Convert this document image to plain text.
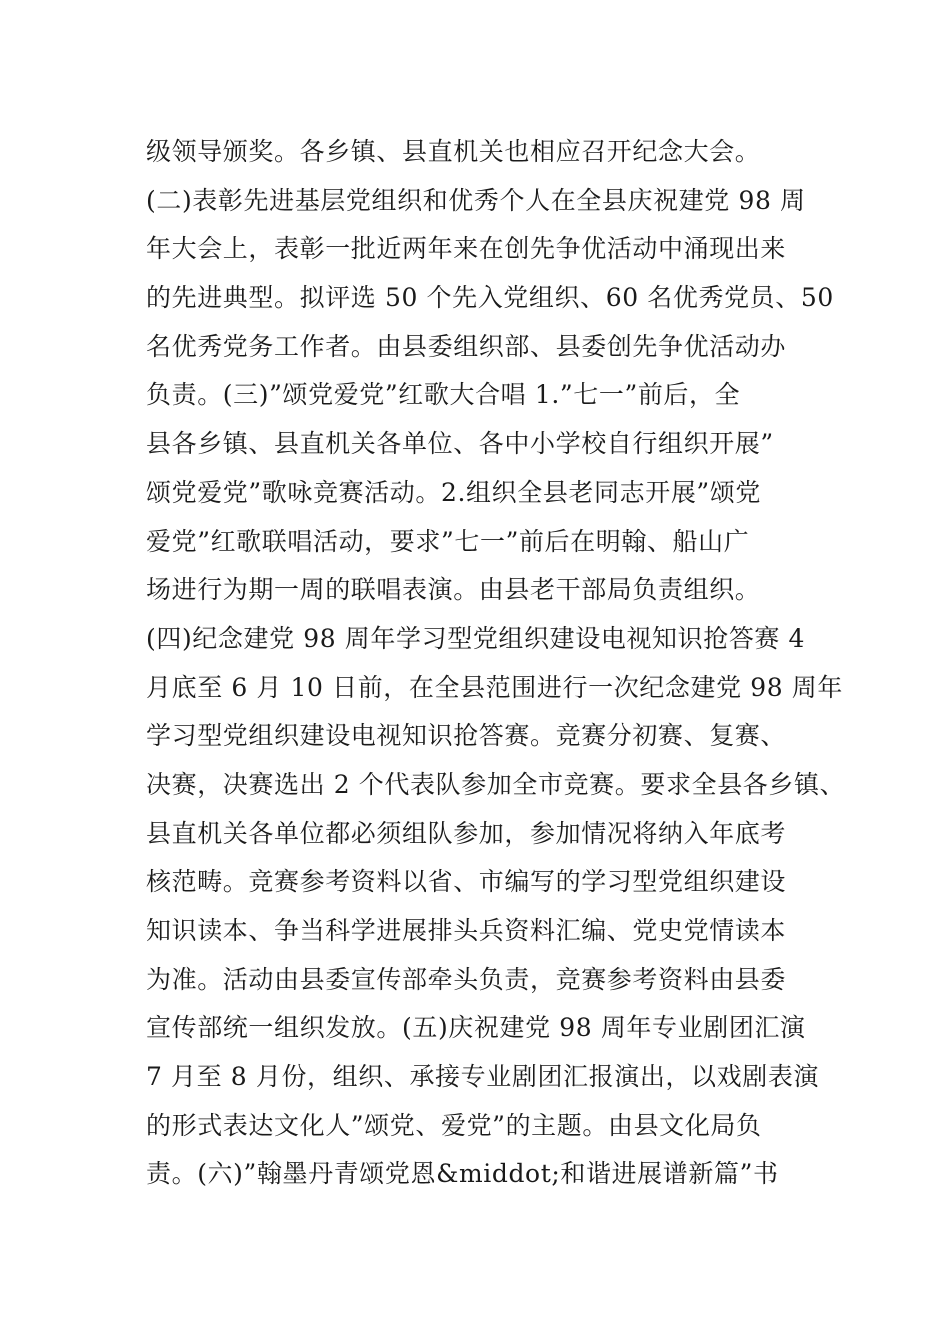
级领导颁奖。各乡镇、县直机关也相应召开纪念大会。
(二)表彰先进基层党组织和优秀个人在全县庆祝建党 98 周
年大会上，表彰一批近两年来在创先争优活动中涌现出来
的先进典型。拟评选 50 个先入党组织、60 名优秀党员、50
名优秀党务工作者。由县委组织部、县委创先争优活动办
负责。(三)”颂党爱党”红歌大合唱 1.”七一”前后，全
县各乡镇、县直机关各单位、各中小学校自行组织开展”
颂党爱党”歌咏竞赛活动。2.组织全县老同志开展”颂党
爱党”红歌联唱活动，要求”七一”前后在明翰、船山广
场进行为期一周的联唱表演。由县老干部局负责组织。
(四)纪念建党 98 周年学习型党组织建设电视知识抢答赛 4
月底至 6 月 10 日前，在全县范围进行一次纪念建党 98 周年
学习型党组织建设电视知识抢答赛。竞赛分初赛、复赛、
决赛，决赛选出 2 个代表队参加全市竞赛。要求全县各乡镇、
县直机关各单位都必须组队参加，参加情况将纳入年底考
核范畴。竞赛参考资料以省、市编写的学习型党组织建设
知识读本、争当科学进展排头兵资料汇编、党史党情读本
为准。活动由县委宣传部牵头负责，竞赛参考资料由县委
宣传部统一组织发放。(五)庆祝建党 98 周年专业剧团汇演
7 月至 8 月份，组织、承接专业剧团汇报演出，以戏剧表演
的形式表达文化人”颂党、爱党”的主题。由县文化局负
责。(六)”翰墨丹青颂党恩&middot;和谐进展谱新篇”书
